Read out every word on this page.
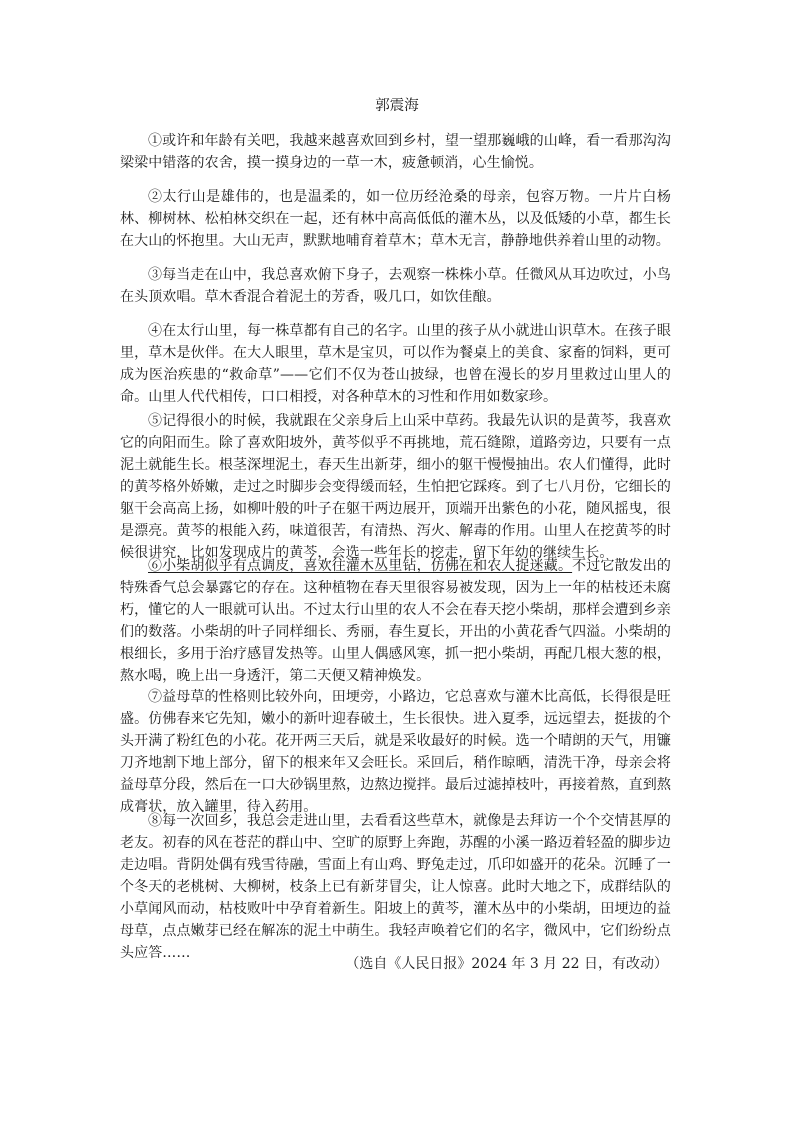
郭震海

①或许和年龄有关吧，我越来越喜欢回到乡村，望一望那巍峨的山峰，看一看那沟沟梁梁中错落的农舍，摸一摸身边的一草一木，疲惫顿消，心生愉悦。

②太行山是雄伟的，也是温柔的，如一位历经沧桑的母亲，包容万物。一片片白杨林、柳树林、松柏林交织在一起，还有林中高高低低的灌木丛，以及低矮的小草，都生长在大山的怀抱里。大山无声，默默地哺育着草木；草木无言，静静地供养着山里的动物。

③每当走在山中，我总喜欢俯下身子，去观察一株株小草。任微风从耳边吹过，小鸟在头顶欢唱。草木香混合着泥土的芳香，吸几口，如饮佳酿。

④在太行山里，每一株草都有自己的名字。山里的孩子从小就进山识草木。在孩子眼里，草木是伙伴。在大人眼里，草木是宝贝，可以作为餐桌上的美食、家畜的饲料，更可成为医治疾患的“救命草”——它们不仅为苍山披绿，也曾在漫长的岁月里救过山里人的命。山里人代代相传，口口相授，对各种草木的习性和作用如数家珍。

⑤记得很小的时候，我就跟在父亲身后上山采中草药。我最先认识的是黄芩，我喜欢它的向阳而生。除了喜欢阳坡外，黄芩似乎不再挑地，荒石缝隙，道路旁边，只要有一点泥土就能生长。根茎深埋泥土，春天生出新芽，细小的躯干慢慢抽出。农人们懂得，此时的黄芩格外娇嫩，走过之时脚步会变得缓而轻，生怕把它踩疼。到了七八月份，它细长的躯干会高高上扬，如柳叶般的叶子在躯干两边展开，顶端开出紫色的小花，随风摇曳，很是漂亮。黄芩的根能入药，味道很苦，有清热、泻火、解毒的作用。山里人在挖黄芩的时候很讲究，比如发现成片的黄芩，会选一些年长的挖走，留下年幼的继续生长。

⑥小柴胡似乎有点调皮，喜欢往灌木丛里钻，仿佛在和农人捉迷藏。不过它散发出的特殊香气总会暴露它的存在。这种植物在春天里很容易被发现，因为上一年的枯枝还未腐朽，懂它的人一眼就可认出。不过太行山里的农人不会在春天挖小柴胡，那样会遭到乡亲们的数落。小柴胡的叶子同样细长、秀丽，春生夏长，开出的小黄花香气四溢。小柴胡的根细长，多用于治疗感冒发热等。山里人偶感风寒，抓一把小柴胡，再配几根大葱的根，熬水喝，晚上出一身透汗，第二天便又精神焕发。

⑦益母草的性格则比较外向，田埂旁，小路边，它总喜欢与灌木比高低，长得很是旺盛。仿佛春来它先知，嫩小的新叶迎春破土，生长很快。进入夏季，远远望去，挺拔的个头开满了粉红色的小花。花开两三天后，就是采收最好的时候。选一个晴朗的天气，用镰刀齐地割下地上部分，留下的根来年又会旺长。采回后，稍作晾晒，清洗干净，母亲会将益母草分段，然后在一口大砂锅里熬，边熬边搅拌。最后过滤掉枝叶，再接着熬，直到熬成膏状，放入罐里，待入药用。

⑧每一次回乡，我总会走进山里，去看看这些草木，就像是去拜访一个个交情甚厚的老友。初春的风在苍茫的群山中、空旷的原野上奔跑，苏醒的小溪一路迈着轻盈的脚步边走边唱。背阴处偶有残雪待融，雪面上有山鸡、野兔走过，爪印如盛开的花朵。沉睡了一个冬天的老桃树、大柳树，枝条上已有新芽冒尖，让人惊喜。此时大地之下，成群结队的小草闻风而动，枯枝败叶中孕育着新生。阳坡上的黄芩，灌木丛中的小柴胡，田埂边的益母草，点点嫩芽已经在解冻的泥土中萌生。我轻声唤着它们的名字，微风中，它们纷纷点头应答……

（选自《人民日报》2024 年 3 月 22 日，有改动）
